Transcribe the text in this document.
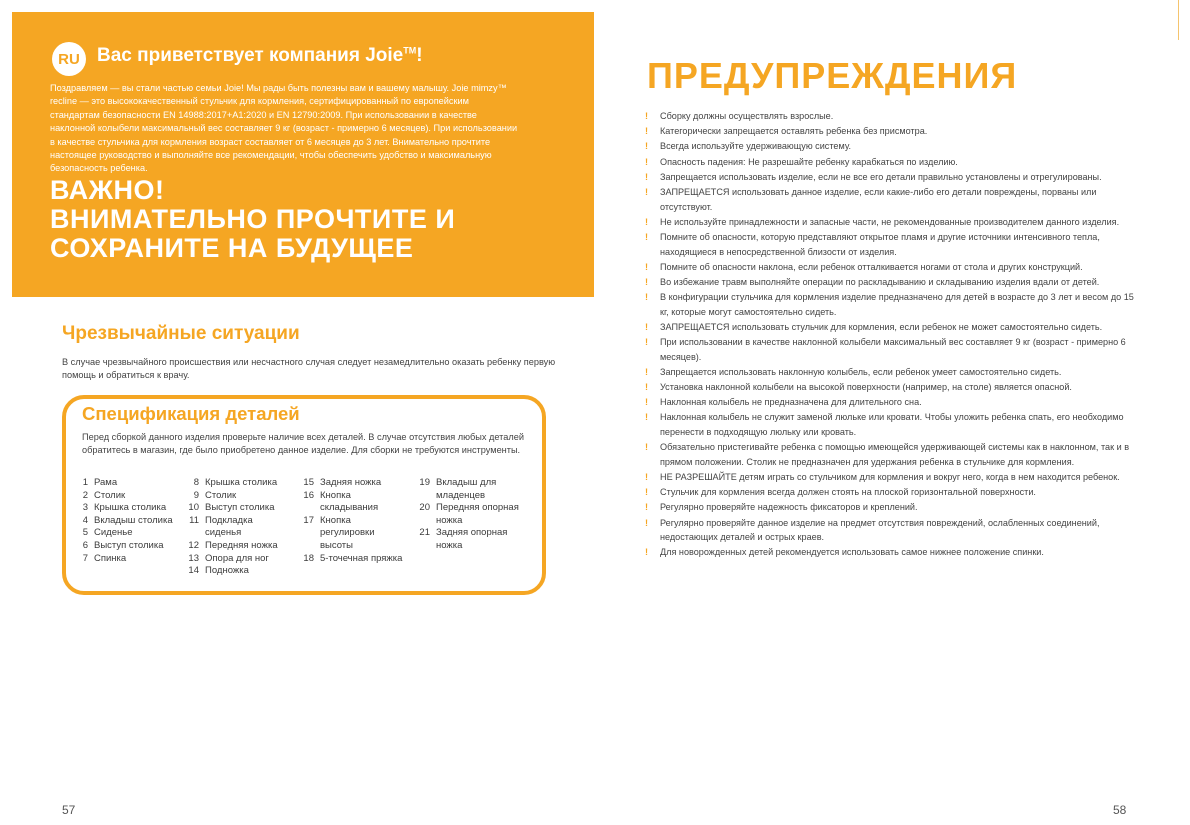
RU Вас приветствует компания Joie™!
Поздравляем — вы стали частью семьи Joie! Мы рады быть полезны вам и вашему малышу. Joie mimzy™ recline — это высококачественный стульчик для кормления, сертифицированный по европейским стандартам безопасности EN 14988:2017+A1:2020 и EN 12790:2009. При использовании в качестве наклонной колыбели максимальный вес составляет 9 кг (возраст - примерно 6 месяцев). При использовании в качестве стульчика для кормления возраст составляет от 6 месяцев до 3 лет. Внимательно прочтите настоящее руководство и выполняйте все рекомендации, чтобы обеспечить удобство и максимальную безопасность ребенка.
ВАЖНО!
ВНИМАТЕЛЬНО ПРОЧТИТЕ И
СОХРАНИТЕ НА БУДУЩЕЕ
Чрезвычайные ситуации
В случае чрезвычайного происшествия или несчастного случая следует незамедлительно оказать ребенку первую помощь и обратиться к врачу.
Спецификация деталей
Перед сборкой данного изделия проверьте наличие всех деталей. В случае отсутствия любых деталей обратитесь в магазин, где было приобретено данное изделие. Для сборки не требуются инструменты.
1 Рама
2 Столик
3 Крышка столика
4 Вкладыш столика
5 Сиденье
6 Выступ столика
7 Спинка
8 Крышка столика
9 Столик
10 Выступ столика
11 Подкладка сиденья
12 Передняя ножка
13 Опора для ног
14 Подножка
15 Задняя ножка
16 Кнопка складывания
17 Кнопка регулировки высоты
18 5-точечная пряжка
19 Вкладыш для младенцев
20 Передняя опорная ножка
21 Задняя опорная ножка
57
ПРЕДУПРЕЖДЕНИЯ
! Сборку должны осуществлять взрослые.
! Категорически запрещается оставлять ребенка без присмотра.
! Всегда используйте удерживающую систему.
! Опасность падения: Не разрешайте ребенку карабкаться по изделию.
! Запрещается использовать изделие, если не все его детали правильно установлены и отрегулированы.
! ЗАПРЕЩАЕТСЯ использовать данное изделие, если какие-либо его детали повреждены, порваны или отсутствуют.
! Не используйте принадлежности и запасные части, не рекомендованные производителем данного изделия.
! Помните об опасности, которую представляют открытое пламя и другие источники интенсивного тепла, находящиеся в непосредственной близости от изделия.
! Помните об опасности наклона, если ребенок отталкивается ногами от стола и других конструкций.
! Во избежание травм выполняйте операции по раскладыванию и складыванию изделия вдали от детей.
! В конфигурации стульчика для кормления изделие предназначено для детей в возрасте до 3 лет и весом до 15 кг, которые могут самостоятельно сидеть.
! ЗАПРЕЩАЕТСЯ использовать стульчик для кормления, если ребенок не может самостоятельно сидеть.
! При использовании в качестве наклонной колыбели максимальный вес составляет 9 кг (возраст - примерно 6 месяцев).
! Запрещается использовать наклонную колыбель, если ребенок умеет самостоятельно сидеть.
! Установка наклонной колыбели на высокой поверхности (например, на столе) является опасной.
! Наклонная колыбель не предназначена для длительного сна.
! Наклонная колыбель не служит заменой люльке или кровати. Чтобы уложить ребенка спать, его необходимо перенести в подходящую люльку или кровать.
! Обязательно пристегивайте ребенка с помощью имеющейся удерживающей системы как в наклонном, так и в прямом положении. Столик не предназначен для удержания ребенка в стульчике для кормления.
! НЕ РАЗРЕШАЙТЕ детям играть со стульчиком для кормления и вокруг него, когда в нем находится ребенок.
! Стульчик для кормления всегда должен стоять на плоской горизонтальной поверхности.
! Регулярно проверяйте надежность фиксаторов и креплений.
! Регулярно проверяйте данное изделие на предмет отсутствия повреждений, ослабленных соединений, недостающих деталей и острых краев.
! Для новорожденных детей рекомендуется использовать самое нижнее положение спинки.
58
